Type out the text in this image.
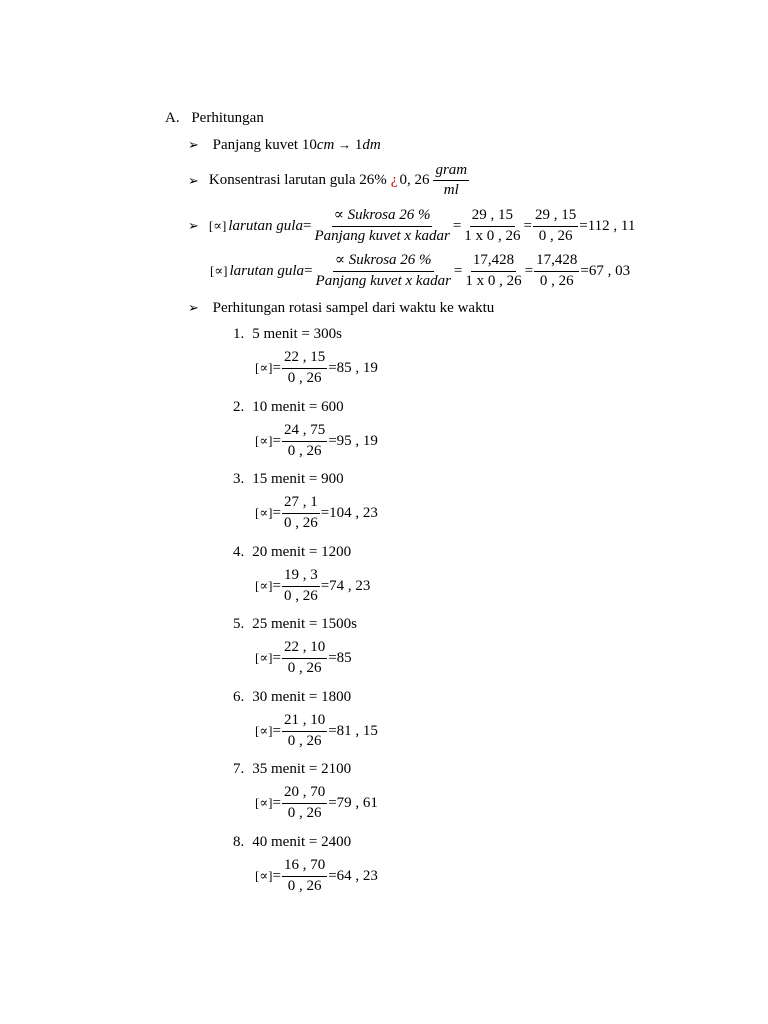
A. Perhitungan
➢ Panjang kuvet 10cm → 1dm
➢ Konsentrasi larutan gula 26% ¿ 0, $26 \frac{\text{gram}}{ml}$
➢ [∝] larutan gula = $\frac{\text{∝ Sukrosa 26 \%}}{\text{Panjang kuvet x kadar}} = \frac{29 , 15}{1 x 0 , 26} = \frac{29 , 15}{0 , 26} = 112$ , 11
[∝] larutan gula = $\frac{\text{∝ Sukrosa 26 \%}}{\text{Panjang kuvet x kadar}} = \frac{17,428}{1 x 0 , 26} = \frac{17,428}{0 , 26} = 67$ , 03
➢ Perhitungan rotasi sampel dari waktu ke waktu
1. 5 menit = 300s
[∝] = $\frac{22 , 15}{0 , 26} = 85$ , 19
2. 10 menit = 600
[∝] = $\frac{24 , 75}{0 , 26} = 95$ , 19
3. 15 menit = 900
[∝] = $\frac{27 , 1}{0 , 26} = 104$ , 23
4. 20 menit = 1200
[∝] = $\frac{19 , 3}{0 , 26} = 74$ , 23
5. 25 menit = 1500s
[∝] = $\frac{22 , 10}{0 , 26} = 85$
6. 30 menit = 1800
[∝] = $\frac{21 , 10}{0 , 26} = 81$ , 15
7. 35 menit = 2100
[∝] = $\frac{20 , 70}{0 , 26} = 79$ , 61
8. 40 menit = 2400
[∝] = $\frac{16 , 70}{0 , 26} = 64$ , 23
